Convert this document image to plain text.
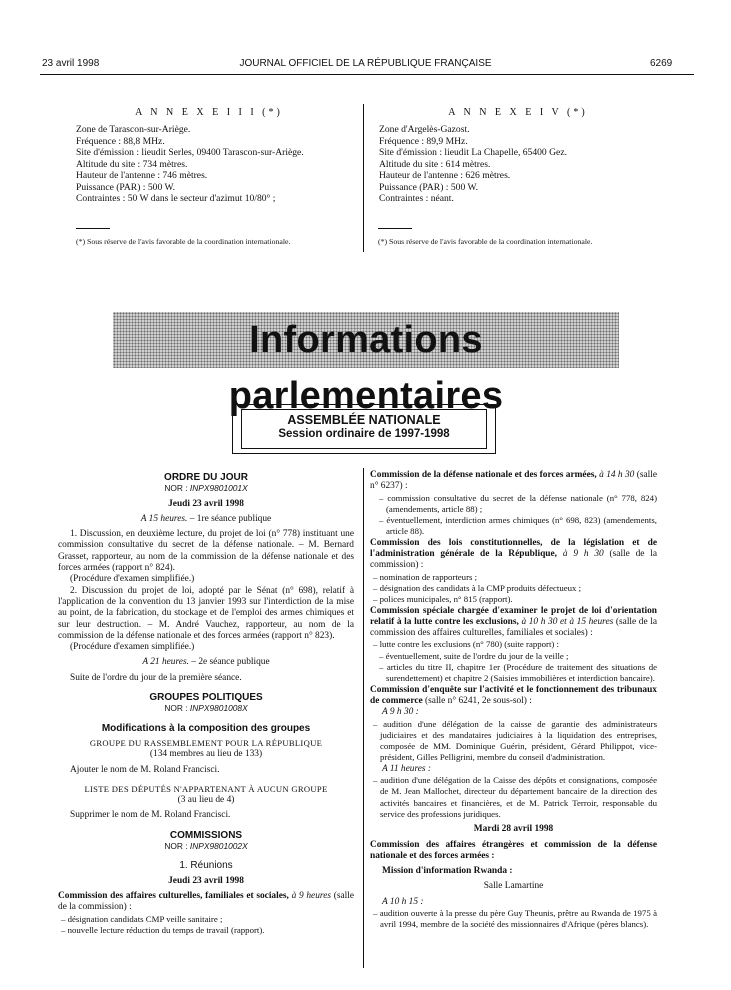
23 avril 1998	JOURNAL OFFICIEL DE LA RÉPUBLIQUE FRANÇAISE	6269
A N N E X E I I I (*)
Zone de Tarascon-sur-Ariège.
Fréquence : 88,8 MHz.
Site d'émission : lieudit Serles, 09400 Tarascon-sur-Ariège.
Altitude du site : 734 mètres.
Hauteur de l'antenne : 746 mètres.
Puissance (PAR) : 500 W.
Contraintes : 50 W dans le secteur d'azimut 10/80° ;
(*) Sous réserve de l'avis favorable de la coordination internationale.
A N N E X E I V (*)
Zone d'Argelès-Gazost.
Fréquence : 89,9 MHz.
Site d'émission : lieudit La Chapelle, 65400 Gez.
Altitude du site : 614 mètres.
Hauteur de l'antenne : 626 mètres.
Puissance (PAR) : 500 W.
Contraintes : néant.
(*) Sous réserve de l'avis favorable de la coordination internationale.
Informations parlementaires
ASSEMBLÉE NATIONALE
Session ordinaire de 1997-1998

ORDRE DU JOUR

NOR : INPX9801001X

Jeudi 23 avril 1998

A 15 heures. – 1re séance publique

1. Discussion, en deuxième lecture, du projet de loi (n° 778) instituant une commission consultative du secret de la défense nationale. – M. Bernard Grasset, rapporteur, au nom de la commission de la défense nationale et des forces armées (rapport n° 824).

(Procédure d'examen simplifiée.)

2. Discussion du projet de loi, adopté par le Sénat (n° 698), relatif à l'application de la convention du 13 janvier 1993 sur l'interdiction de la mise au point, de la fabrication, du stockage et de l'emploi des armes chimiques et sur leur destruction. – M. André Vauchez, rapporteur, au nom de la commission de la défense nationale et des forces armées (rapport n° 823).

(Procédure d'examen simplifiée.)

A 21 heures. – 2e séance publique

Suite de l'ordre du jour de la première séance.

GROUPES POLITIQUES

NOR : INPX9801008X

Modifications à la composition des groupes

GROUPE DU RASSEMBLEMENT POUR LA RÉPUBLIQUE

(134 membres au lieu de 133)

Ajouter le nom de M. Roland Francisci.

LISTE DES DÉPUTÉS N'APPARTENANT À AUCUN GROUPE

(3 au lieu de 4)

Supprimer le nom de M. Roland Francisci.

COMMISSIONS

NOR : INPX9801002X

1. Réunions

Jeudi 23 avril 1998

Commission des affaires culturelles, familiales et sociales, à 9 heures (salle de la commission) :

– désignation candidats CMP veille sanitaire ;

– nouvelle lecture réduction du temps de travail (rapport).

Commission de la défense nationale et des forces armées, à 14 h 30 (salle n° 6237) :

– commission consultative du secret de la défense nationale (n° 778, 824) (amendements, article 88) ;

– éventuellement, interdiction armes chimiques (n° 698, 823) (amendements, article 88).

Commission des lois constitutionnelles, de la législation et de l'administration générale de la République, à 9 h 30 (salle de la commission) :

– nomination de rapporteurs ;

– désignation des candidats à la CMP produits défectueux ;

– polices municipales, n° 815 (rapport).

Commission spéciale chargée d'examiner le projet de loi d'orientation relatif à la lutte contre les exclusions, à 10 h 30 et à 15 heures (salle de la commission des affaires culturelles, familiales et sociales) :

– lutte contre les exclusions (n° 780) (suite rapport) :

– éventuellement, suite de l'ordre du jour de la veille ;

– articles du titre II, chapitre 1er (Procédure de traitement des situations de surendettement) et chapitre 2 (Saisies immobilières et interdiction bancaire).

Commission d'enquête sur l'activité et le fonctionnement des tribunaux de commerce (salle n° 6241, 2e sous-sol) :

A 9 h 30 :

– audition d'une délégation de la caisse de garantie des administrateurs judiciaires et des mandataires judiciaires à la liquidation des entreprises, composée de MM. Dominique Guérin, président, Gérard Philippot, vice-président, Gilles Pelligrini, membre du conseil d'administration.

A 11 heures :

– audition d'une délégation de la Caisse des dépôts et consignations, composée de M. Jean Mallochet, directeur du département bancaire de la direction des activités bancaires et financières, et de M. Patrick Terroir, responsable du service des professions juridiques.

Mardi 28 avril 1998

Commission des affaires étrangères et commission de la défense nationale et des forces armées :

Mission d'information Rwanda :

Salle Lamartine

A 10 h 15 :

– audition ouverte à la presse du père Guy Theunis, prêtre au Rwanda de 1975 à avril 1994, membre de la société des missionnaires d'Afrique (pères blancs).
